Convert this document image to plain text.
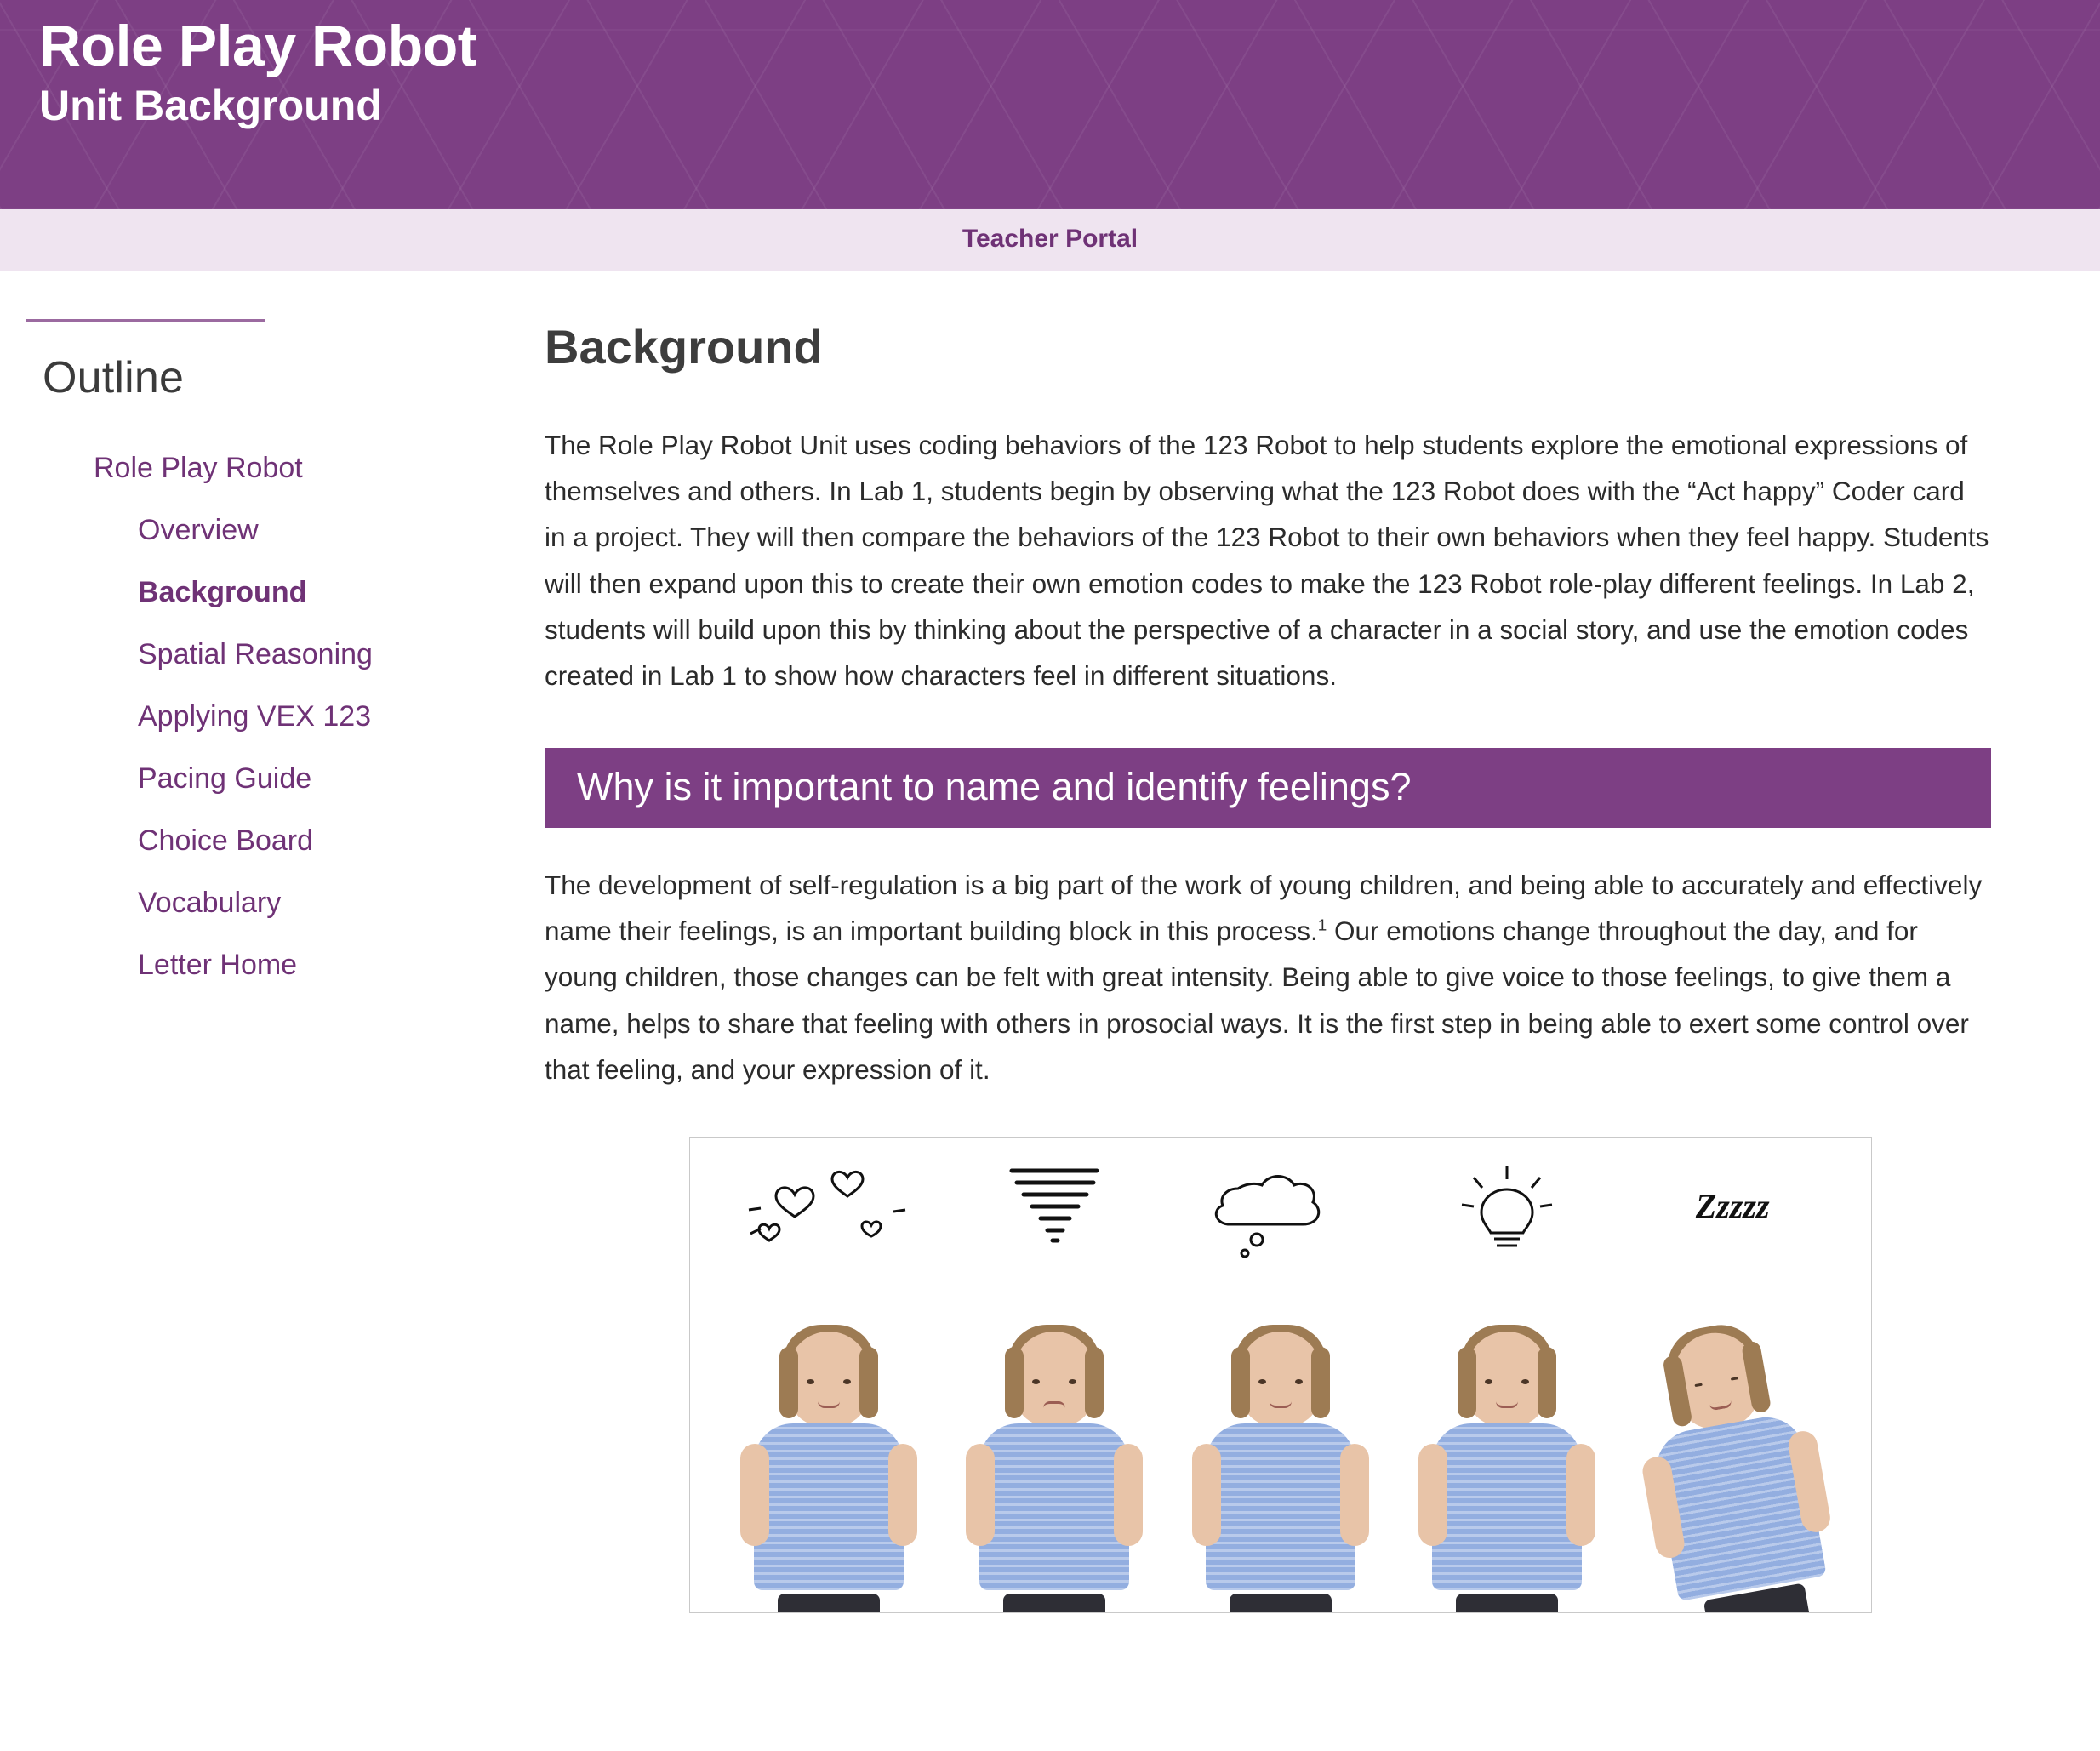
Role Play Robot
Unit Background
Teacher Portal
Outline
Role Play Robot
Overview
Background
Spatial Reasoning
Applying VEX 123
Pacing Guide
Choice Board
Vocabulary
Letter Home
Background

The Role Play Robot Unit uses coding behaviors of the 123 Robot to help students explore the emotional expressions of themselves and others. In Lab 1, students begin by observing what the 123 Robot does with the “Act happy” Coder card in a project. They will then compare the behaviors of the 123 Robot to their own behaviors when they feel happy. Students will then expand upon this to create their own emotion codes to make the 123 Robot role-play different feelings. In Lab 2, students will build upon this by thinking about the perspective of a character in a social story, and use the emotion codes created in Lab 1 to show how characters feel in different situations.

Why is it important to name and identify feelings?

The development of self-regulation is a big part of the work of young children, and being able to accurately and effectively name their feelings, is an important building block in this process.$^1$ Our emotions change throughout the day, and for young children, those changes can be felt with great intensity. Being able to give voice to those feelings, to give them a name, helps to share that feeling with others in prosocial ways. It is the first step in being able to exert some control over that feeling, and your expression of it.

Zzzzz
